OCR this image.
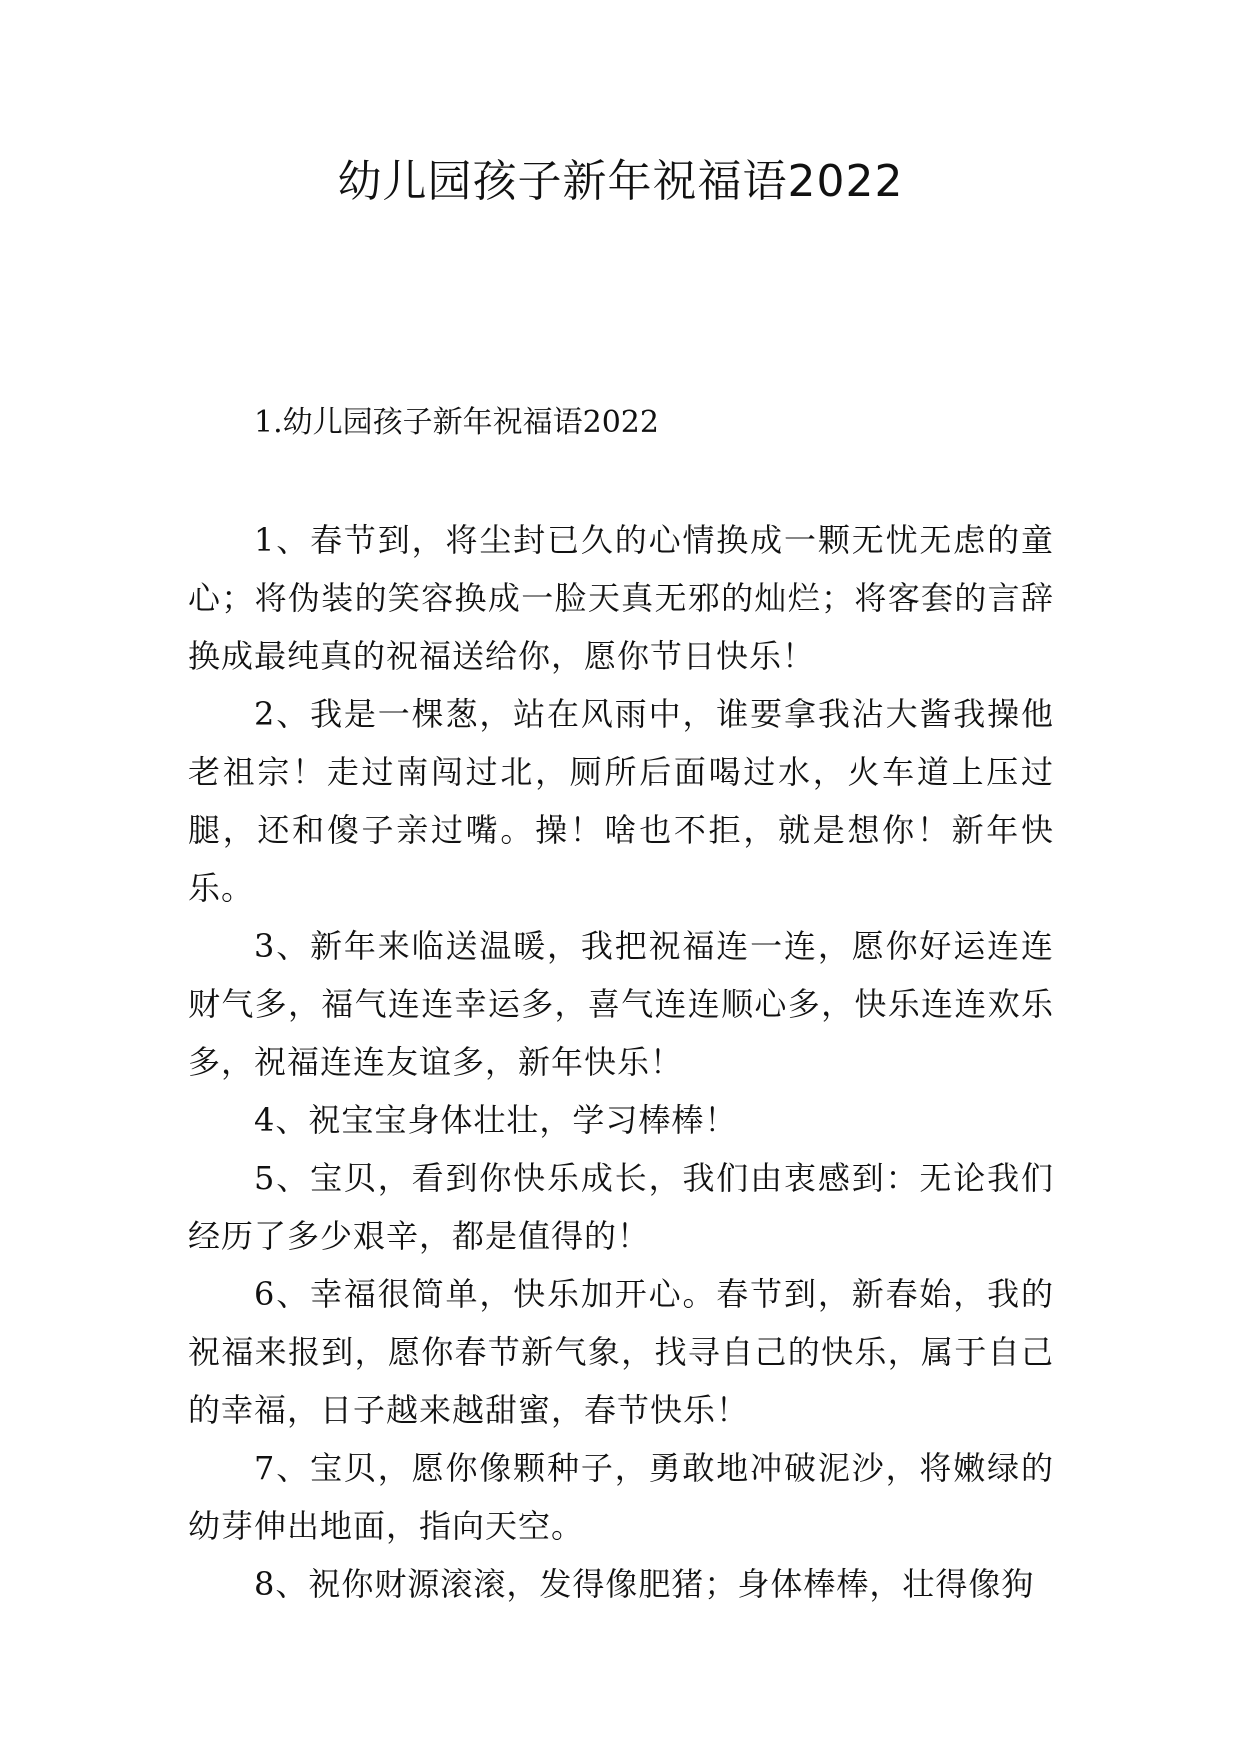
幼儿园孩子新年祝福语2022
1.幼儿园孩子新年祝福语2022

1、春节到，将尘封已久的心情换成一颗无忧无虑的童心；将伪装的笑容换成一脸天真无邪的灿烂；将客套的言辞换成最纯真的祝福送给你，愿你节日快乐！

2、我是一棵葱，站在风雨中，谁要拿我沾大酱我操他老祖宗！走过南闯过北，厕所后面喝过水，火车道上压过腿，还和傻子亲过嘴。操！啥也不拒，就是想你！新年快乐。

3、新年来临送温暖，我把祝福连一连，愿你好运连连财气多，福气连连幸运多，喜气连连顺心多，快乐连连欢乐多，祝福连连友谊多，新年快乐！

4、祝宝宝身体壮壮，学习棒棒！

5、宝贝，看到你快乐成长，我们由衷感到：无论我们经历了多少艰辛，都是值得的！

6、幸福很简单，快乐加开心。春节到，新春始，我的祝福来报到，愿你春节新气象，找寻自己的快乐，属于自己的幸福，日子越来越甜蜜，春节快乐！

7、宝贝，愿你像颗种子，勇敢地冲破泥沙，将嫩绿的幼芽伸出地面，指向天空。

8、祝你财源滚滚，发得像肥猪；身体棒棒，壮得像狗
